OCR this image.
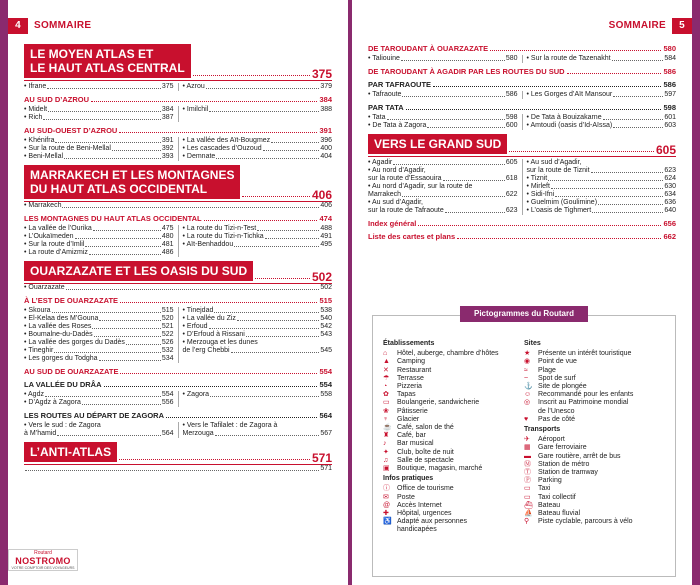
4 SOMMAIRE
LE MOYEN ATLAS ET
LE HAUT ATLAS CENTRAL	375
• Ifrane	375 • Azrou	379
AU SUD D’AZROU	384
• Midelt	384
• Rich	387
• Imilchil	388
AU SUD-OUEST D’AZROU	391
• Khénifra	391
• Sur la route de Beni-Mellal	392
• Beni-Mellal	393
• La vallée des Aït-Bougmez	396
• Les cascades d’Ouzoud	400
• Demnate	404
MARRAKECH ET LES MONTAGNES
DU HAUT ATLAS OCCIDENTAL	406
• Marrakech	406
LES MONTAGNES DU HAUT ATLAS OCCIDENTAL	474
• La vallée de l’Ourika	475
• L’Oukaïmeden	480
• Sur la route d’Imlil	481
• La route d’Amizmiz	486
• La route du Tizi-n-Test	488
• La route du Tizi-n-Tichka	491
• Aït-Benhaddou	495
OUARZAZATE ET LES OASIS DU SUD	502
• Ouarzazate	502
À L’EST DE OUARZAZATE	515
• Skoura	515
• El-Kelaa des M’Gouna	520
• La vallée des Roses	521
• Boumalne-du-Dadès	522
• La vallée des gorges du Dadès	526
• Tineghir	532
• Les gorges du Todgha	534
• Tinejdad	538
• La vallée du Ziz	540
• Erfoud	542
• D’Erfoud à Rissani	543
• Merzouga et les dunes
de l’erg Chebbi	545
AU SUD DE OUARZAZATE	554
LA VALLÉE DU DRÂA	554
• Agdz	554
• D’Agdz à Zagora	556
• Zagora	558
LES ROUTES AU DÉPART DE ZAGORA	564
• Vers le sud : de Zagora
à M’hamid	564
• Vers le Tafilalet : de Zagora à
Merzouga	567
L’ANTI-ATLAS	571
571
Routard
NOSTROMO
VOTRE COMPTOIR DES VOYAGEURS
SOMMAIRE 5
DE TAROUDANT À OUARZAZATE	580
• Taliouine	580 • Sur la route de Tazenakht	584
DE TAROUDANT À AGADIR PAR LES ROUTES DU SUD	586
PAR TAFRAOUTE	586
• Tafraoute	586 • Les Gorges d’Aït Mansour	597
PAR TATA	598
• Tata	598
• De Tata à Zagora	600
• De Tata à Bouizakarne	601
• Amtoudi (oasis d’Id-Aïssa)	603
VERS LE GRAND SUD	605
• Agadir	605
• Au nord d’Agadir,
sur la route d’Essaouira	618
• Au nord d’Agadir, sur la route de
Marrakech	622
• Au sud d’Agadir,
sur la route de Tafraoute	623
• Au sud d’Agadir,
sur la route de Tiznit	623
• Tiznit	624
• Mirleft	630
• Sidi-Ifni	634
• Guelmim (Goulimine)	636
• L’oasis de Tighmert	640
Index général	656
Liste des cartes et plans	662
Pictogrammes du Routard
Établissements
⌂	Hôtel, auberge, chambre d’hôtes
▲	Camping
✕	Restaurant
☂	Terrasse
◔	Pizzeria
✿	Tapas
▭	Boulangerie, sandwicherie
❀	Pâtisserie
♆	Glacier
☕ Café, salon de thé
♜	Café, bar
♪	Bar musical
✦	Club, boîte de nuit
♫	Salle de spectacle
▣	Boutique, magasin, marché
Infos pratiques
ⓘ	Office de tourisme
✉	Poste
@ Accès Internet
✚	Hôpital, urgences
♿ Adapté aux personnes
handicapées
Sites
★	Présente un intérêt touristique
◉	Point de vue
≈	Plage
~	Spot de surf
⚓ Site de plongée
☺ Recommandé pour les enfants
◎	Inscrit au Patrimoine mondial
de l’Unesco
♥	Pas de côté
Transports
✈	Aéroport
▦	Gare ferroviaire
▬	Gare routière, arrêt de bus
Ⓜ	Station de métro
Ⓣ	Station de tramway
Ⓟ	Parking
▭	Taxi
▭	Taxi collectif
⛴ Bateau
⛵ Bateau fluvial
⚲	Piste cyclable, parcours à vélo
